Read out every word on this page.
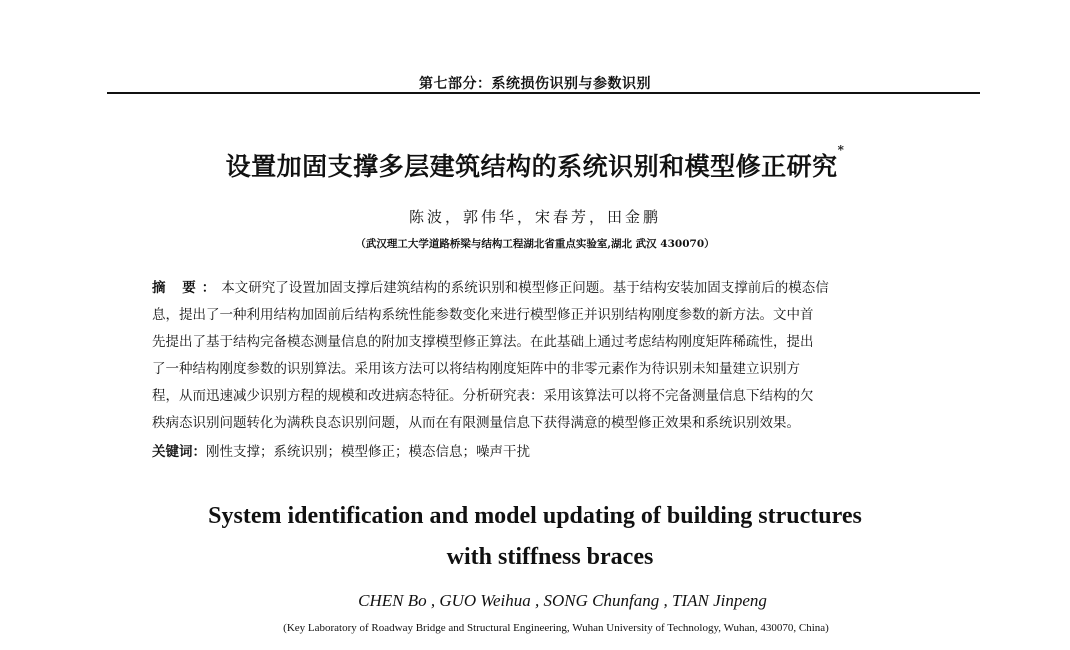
第七部分：系统损伤识别与参数识别
设置加固支撑多层建筑结构的系统识别和模型修正研究*
陈波，郭伟华，宋春芳，田金鹏
（武汉理工大学道路桥梁与结构工程湖北省重点实验室,湖北 武汉 430070）
摘 要：本文研究了设置加固支撑后建筑结构的系统识别和模型修正问题。基于结构安装加固支撑前后的模态信
息，提出了一种利用结构加固前后结构系统性能参数变化来进行模型修正并识别结构刚度参数的新方法。文中首
先提出了基于结构完备模态测量信息的附加支撑模型修正算法。在此基础上通过考虑结构刚度矩阵稀疏性，提出
了一种结构刚度参数的识别算法。采用该方法可以将结构刚度矩阵中的非零元素作为待识别未知量建立识别方
程，从而迅速减少识别方程的规模和改进病态特征。分析研究表：采用该算法可以将不完备测量信息下结构的欠
秩病态识别问题转化为满秩良态识别问题，从而在有限测量信息下获得满意的模型修正效果和系统识别效果。
关键词：刚性支撑；系统识别；模型修正；模态信息；噪声干扰
System identification and model updating of building structures
with stiffness braces
CHEN Bo , GUO Weihua , SONG Chunfang , TIAN Jinpeng
(Key Laboratory of Roadway Bridge and Structural Engineering, Wuhan University of Technology, Wuhan, 430070, China)
